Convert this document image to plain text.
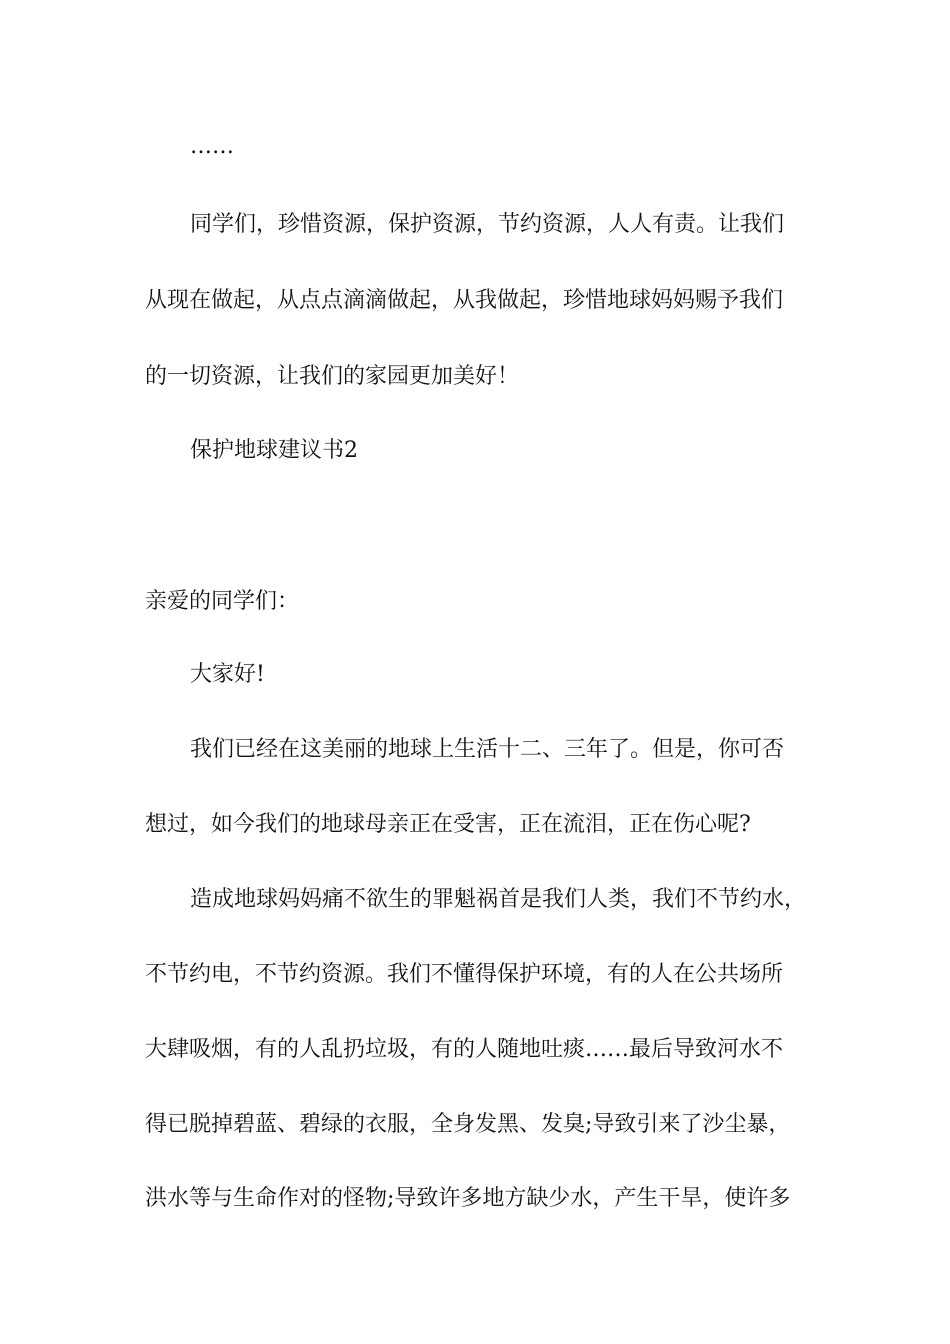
……
同学们，珍惜资源，保护资源，节约资源，人人有责。让我们
从现在做起，从点点滴滴做起，从我做起，珍惜地球妈妈赐予我们
的一切资源，让我们的家园更加美好！
保护地球建议书2
亲爱的同学们：
大家好!
我们已经在这美丽的地球上生活十二、三年了。但是，你可否
想过，如今我们的地球母亲正在受害，正在流泪，正在伤心呢?
造成地球妈妈痛不欲生的罪魁祸首是我们人类，我们不节约水，
不节约电，不节约资源。我们不懂得保护环境，有的人在公共场所
大肆吸烟，有的人乱扔垃圾，有的人随地吐痰……最后导致河水不
得已脱掉碧蓝、碧绿的衣服，全身发黑、发臭;导致引来了沙尘暴，
洪水等与生命作对的怪物;导致许多地方缺少水，产生干旱，使许多
